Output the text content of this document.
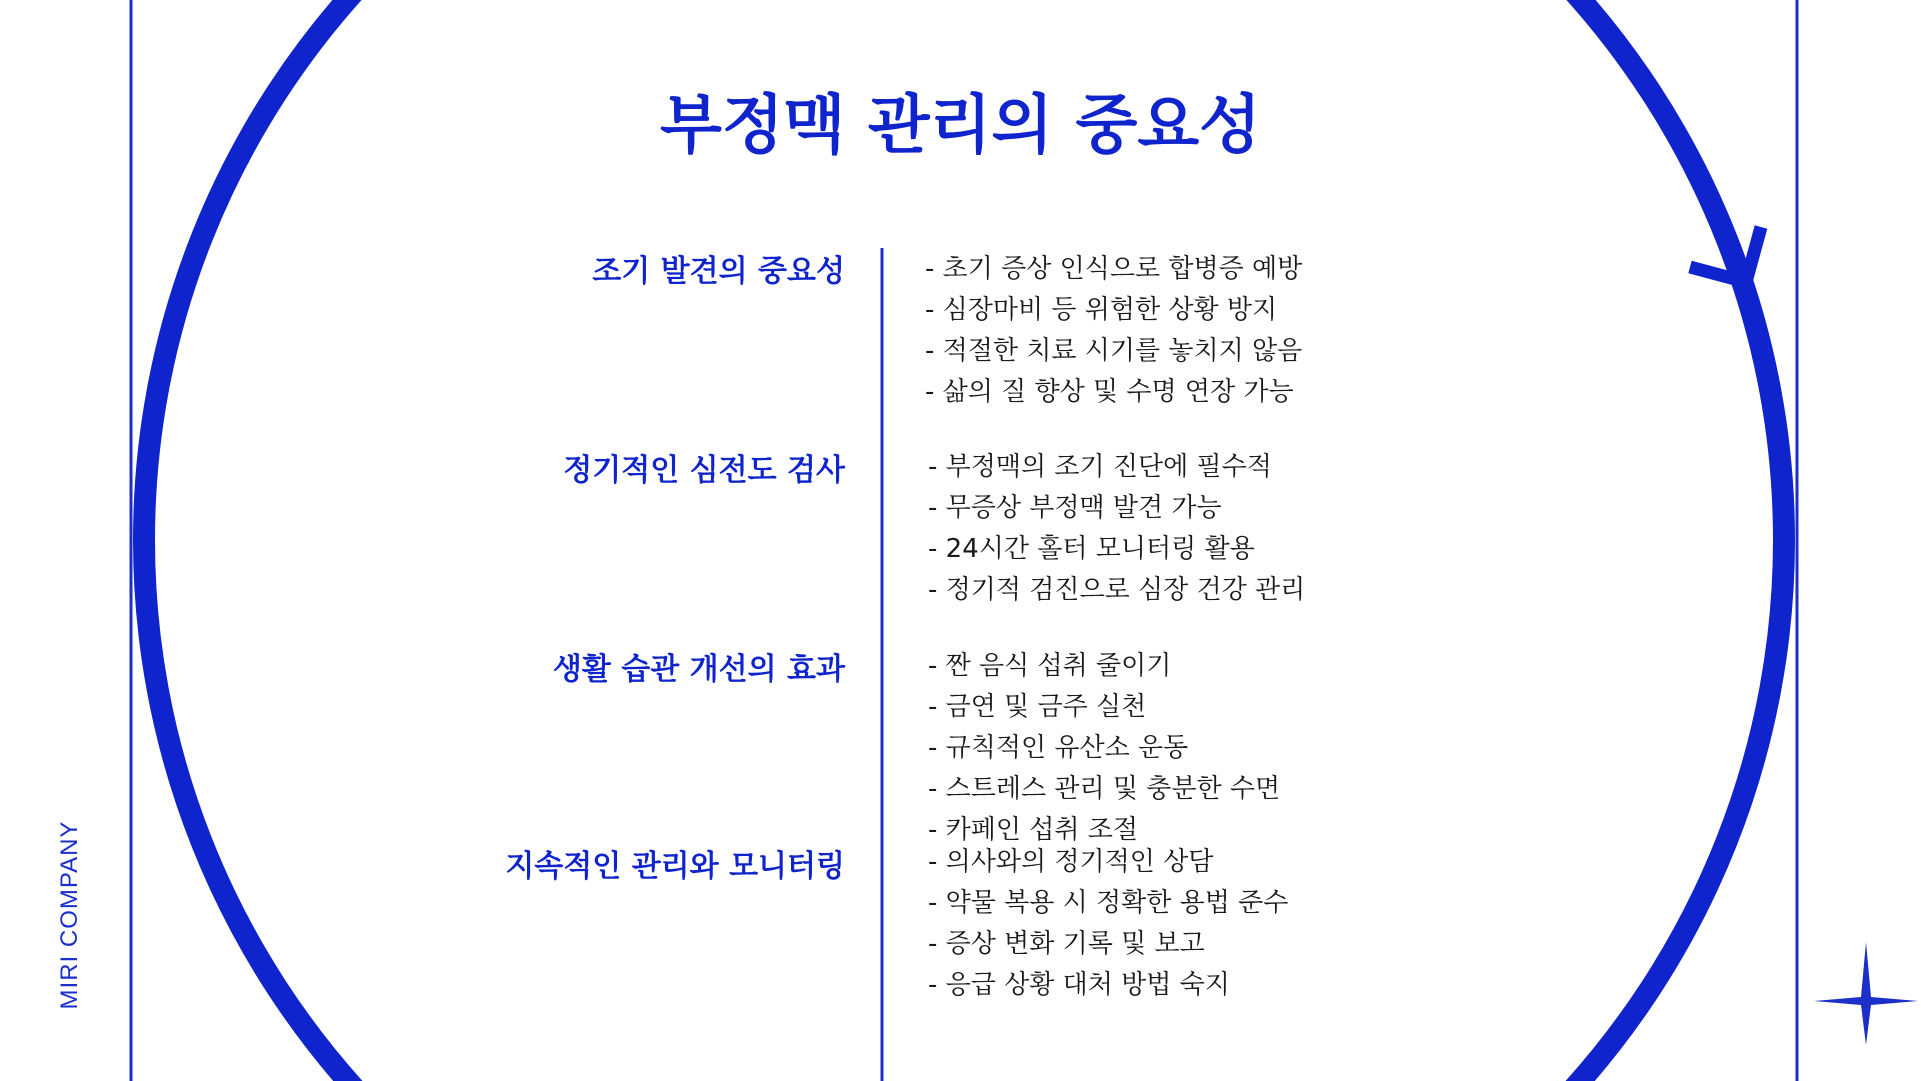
MIRI COMPANY
부정맥 관리의 중요성
조기 발견의 중요성	- 초기 증상 인식으로 합병증 예방
- 심장마비 등 위험한 상황 방지
- 적절한 치료 시기를 놓치지 않음
- 삶의 질 향상 및 수명 연장 가능
정기적인 심전도 검사	- 부정맥의 조기 진단에 필수적
- 무증상 부정맥 발견 가능
- 24시간 홀터 모니터링 활용
- 정기적 검진으로 심장 건강 관리
생활 습관 개선의 효과	- 짠 음식 섭취 줄이기
- 금연 및 금주 실천
- 규칙적인 유산소 운동
- 스트레스 관리 및 충분한 수면
- 카페인 섭취 조절
지속적인 관리와 모니터링	- 의사와의 정기적인 상담
- 약물 복용 시 정확한 용법 준수
- 증상 변화 기록 및 보고
- 응급 상황 대처 방법 숙지
